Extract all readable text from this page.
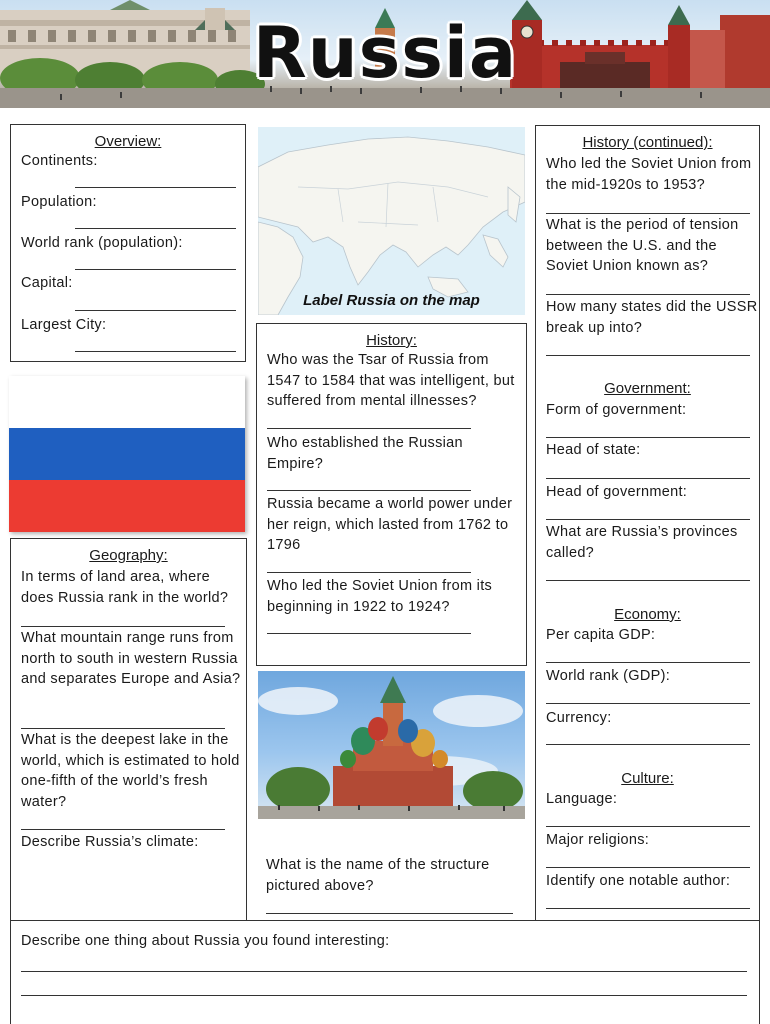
Russia
Overview:
Continents:
Population:
World rank (population):
Capital:
Largest City:
Geography:
In terms of land area, where does Russia rank in the world?
What mountain range runs from north to south in western Russia and separates Europe and Asia?
What is the deepest lake in the world, which is estimated to hold one-fifth of the world’s fresh water?
Describe Russia’s climate:
Label Russia on the map
History:
Who was the Tsar of Russia from 1547 to 1584 that was intelligent, but suffered from mental illnesses?
Who established the Russian Empire?
Russia became a world power under her reign, which lasted from 1762 to 1796
Who led the Soviet Union from its beginning in 1922 to 1924?
What is the name of the structure pictured above?
History (continued):
Who led the Soviet Union from the mid-1920s to 1953?
What is the period of tension between the U.S. and the Soviet Union known as?
How many states did the USSR break up into?
Government:
Form of government:
Head of state:
Head of government:
What are Russia’s provinces called?
Economy:
Per capita GDP:
World rank (GDP):
Currency:
Culture:
Language:
Major religions:
Identify one notable author:
Describe one thing about Russia you found interesting:
